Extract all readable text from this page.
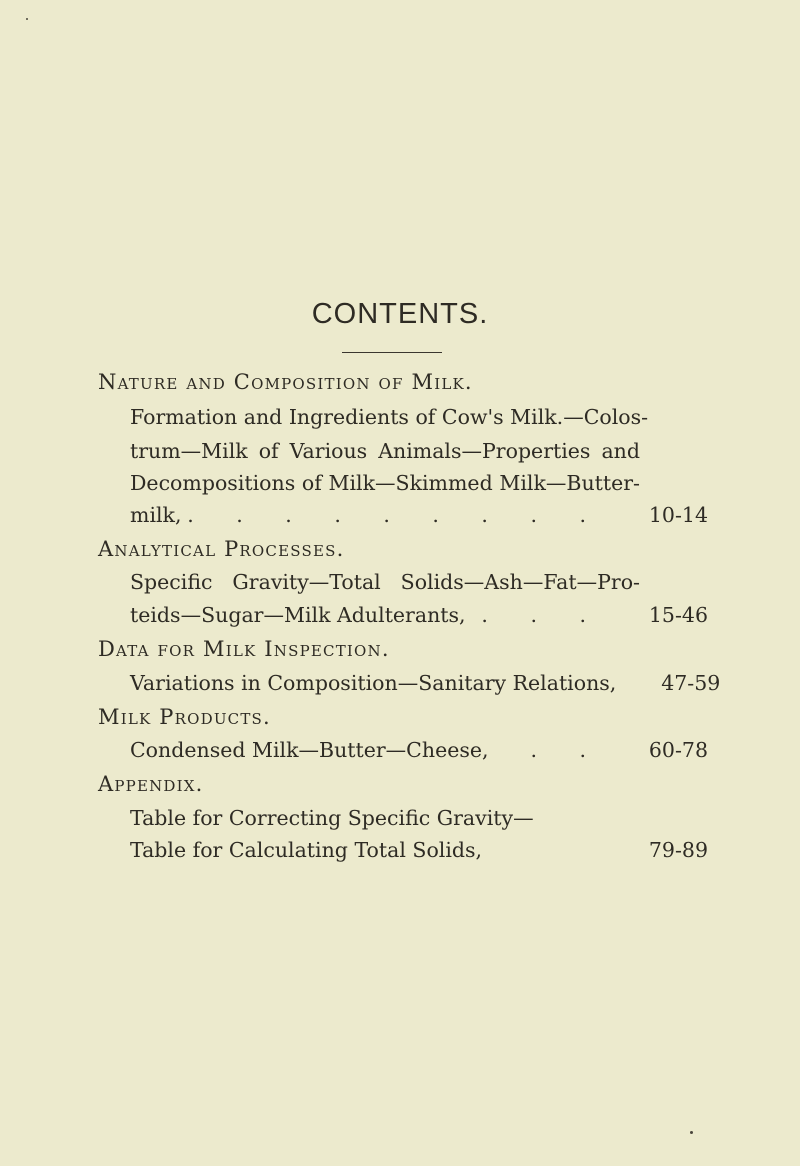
CONTENTS.
Nature and Composition of Milk.
Formation and Ingredients of Cow's Milk.—Colos-
trum—Milk of Various Animals—Properties and
Decompositions of Milk—Skimmed Milk—Butter-
milk, . . . . . . . . .	10-14
Analytical Processes.
Specific Gravity—Total Solids—Ash—Fat—Pro-
teids—Sugar—Milk Adulterants, . . .	15-46
Data for Milk Inspection.
Variations in Composition—Sanitary Relations,	47-59
Milk Products.
Condensed Milk—Butter—Cheese,	. .	60-78
Appendix.
Table for Correcting Specific Gravity—
Table for Calculating Total Solids,	79-89
